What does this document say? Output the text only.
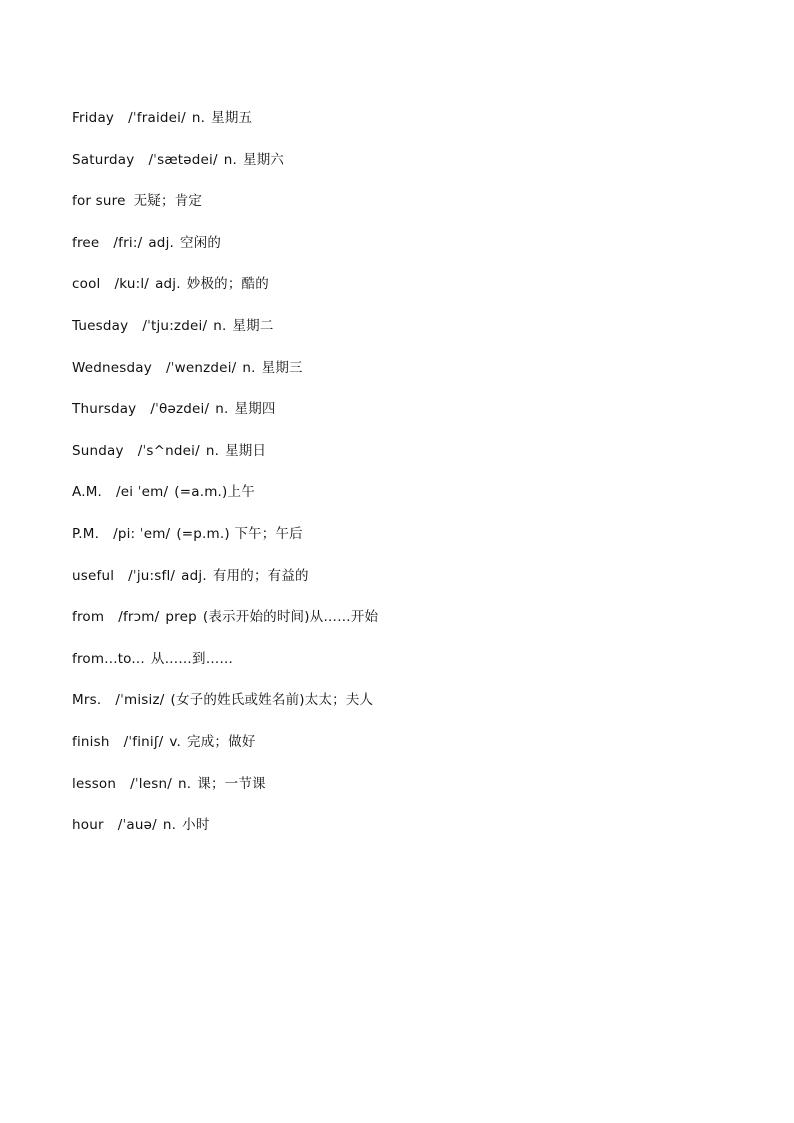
Friday /ˈfraidei/ n. 星期五
Saturday /ˈsætədei/ n. 星期六
for sure 无疑；肯定
free /fri:/ adj. 空闲的
cool /ku:l/ adj. 妙极的；酷的
Tuesday /ˈtju:zdei/ n. 星期二
Wednesday /ˈwenzdei/ n. 星期三
Thursday /ˈθəzdei/ n. 星期四
Sunday /ˈs^ndei/ n. 星期日
A.M. /ei ˈem/ (=a.m.)上午
P.M. /pi: ˈem/ (=p.m.) 下午；午后
useful /ˈju:sfl/ adj. 有用的；有益的
from /frɔm/ prep (表示开始的时间)从……开始
from...to... 从……到……
Mrs. /ˈmisiz/ (女子的姓氏或姓名前)太太；夫人
finish /ˈfiniʃ/ v. 完成；做好
lesson /ˈlesn/ n. 课；一节课
hour /ˈauə/ n. 小时
